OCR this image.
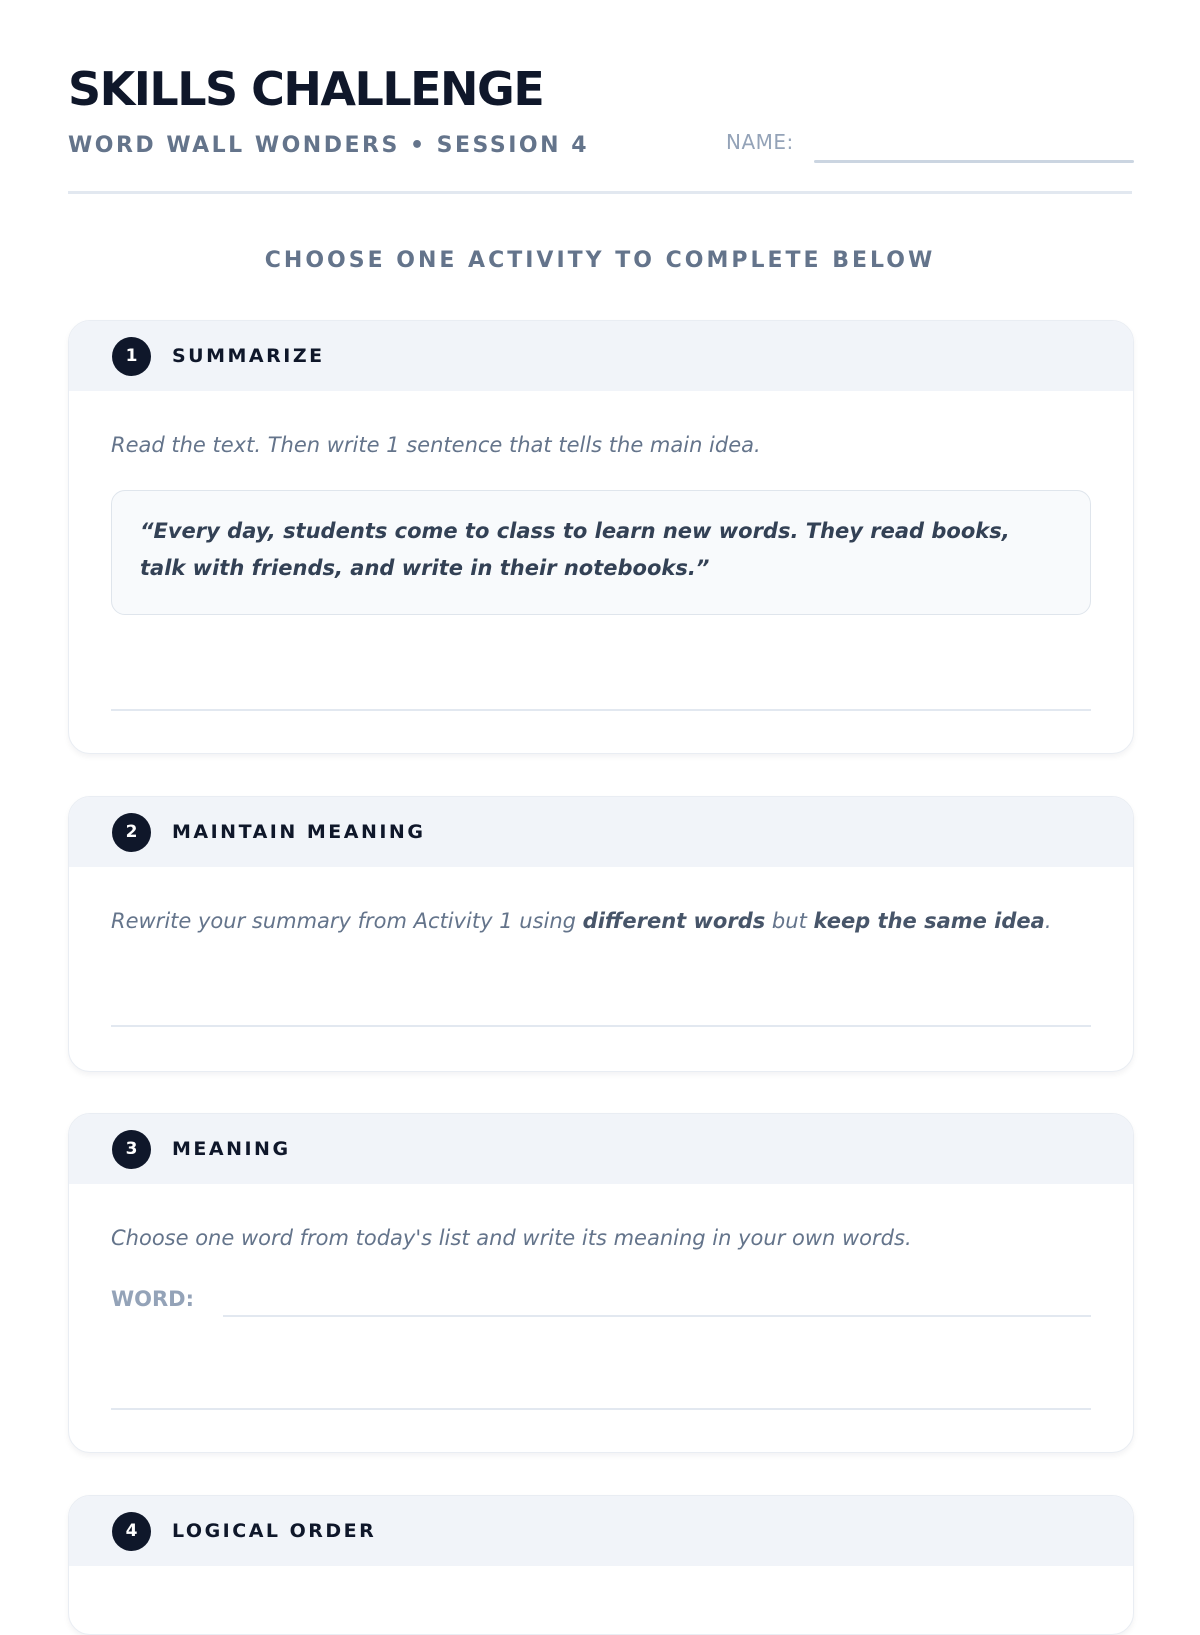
SKILLS CHALLENGE
WORD WALL WONDERS • SESSION 4	NAME:
CHOOSE ONE ACTIVITY TO COMPLETE BELOW
1	SUMMARIZE
Read the text. Then write 1 sentence that tells the main idea.
“Every day, students come to class to learn new words. They read books, talk with friends, and write in their notebooks.”
2	MAINTAIN MEANING
Rewrite your summary from Activity 1 using different words but keep the same idea.
3	MEANING
Choose one word from today's list and write its meaning in your own words.
WORD:
4	LOGICAL ORDER
